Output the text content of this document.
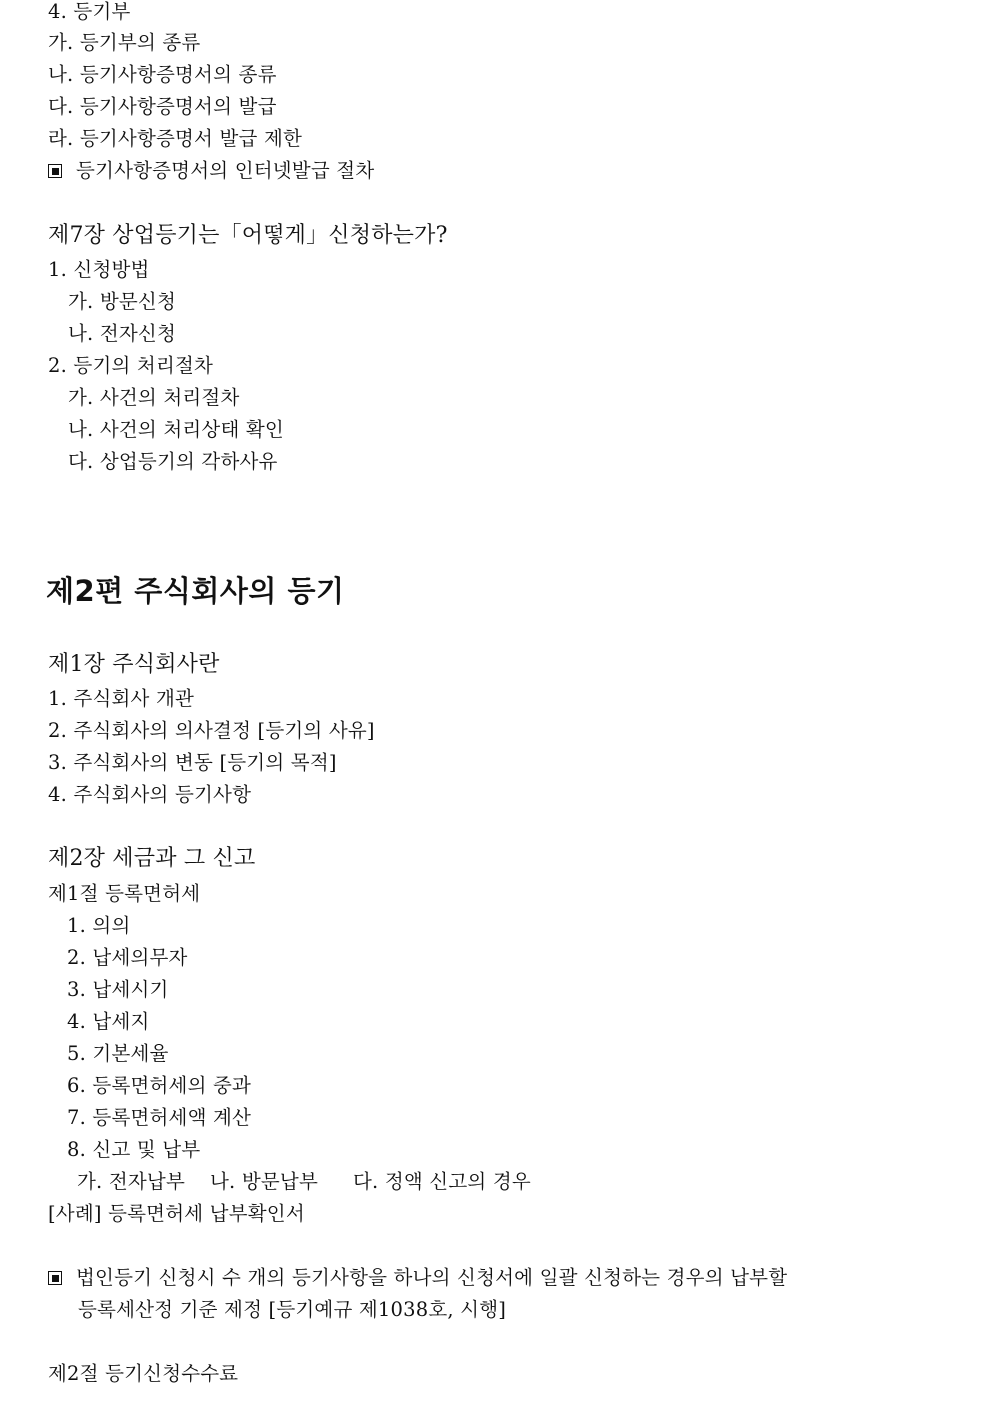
4. 등기부
가. 등기부의 종류
나. 등기사항증명서의 종류
다. 등기사항증명서의 발급
라. 등기사항증명서 발급 제한
등기사항증명서의 인터넷발급 절차
제7장 상업등기는「어떻게」신청하는가?
1. 신청방법
가. 방문신청
나. 전자신청
2. 등기의 처리절차
가. 사건의 처리절차
나. 사건의 처리상태 확인
다. 상업등기의 각하사유
제2편 주식회사의 등기
제1장 주식회사란
1. 주식회사 개관
2. 주식회사의 의사결정 [등기의 사유]
3. 주식회사의 변동 [등기의 목적]
4. 주식회사의 등기사항
제2장 세금과 그 신고
제1절 등록면허세
1. 의의
2. 납세의무자
3. 납세시기
4. 납세지
5. 기본세율
6. 등록면허세의 중과
7. 등록면허세액 계산
8. 신고 및 납부
가. 전자납부 나. 방문납부 다. 정액 신고의 경우
[사례] 등록면허세 납부확인서
법인등기 신청시 수 개의 등기사항을 하나의 신청서에 일괄 신청하는 경우의 납부할
등록세산정 기준 제정 [등기예규 제1038호, 시행]
제2절 등기신청수수료
